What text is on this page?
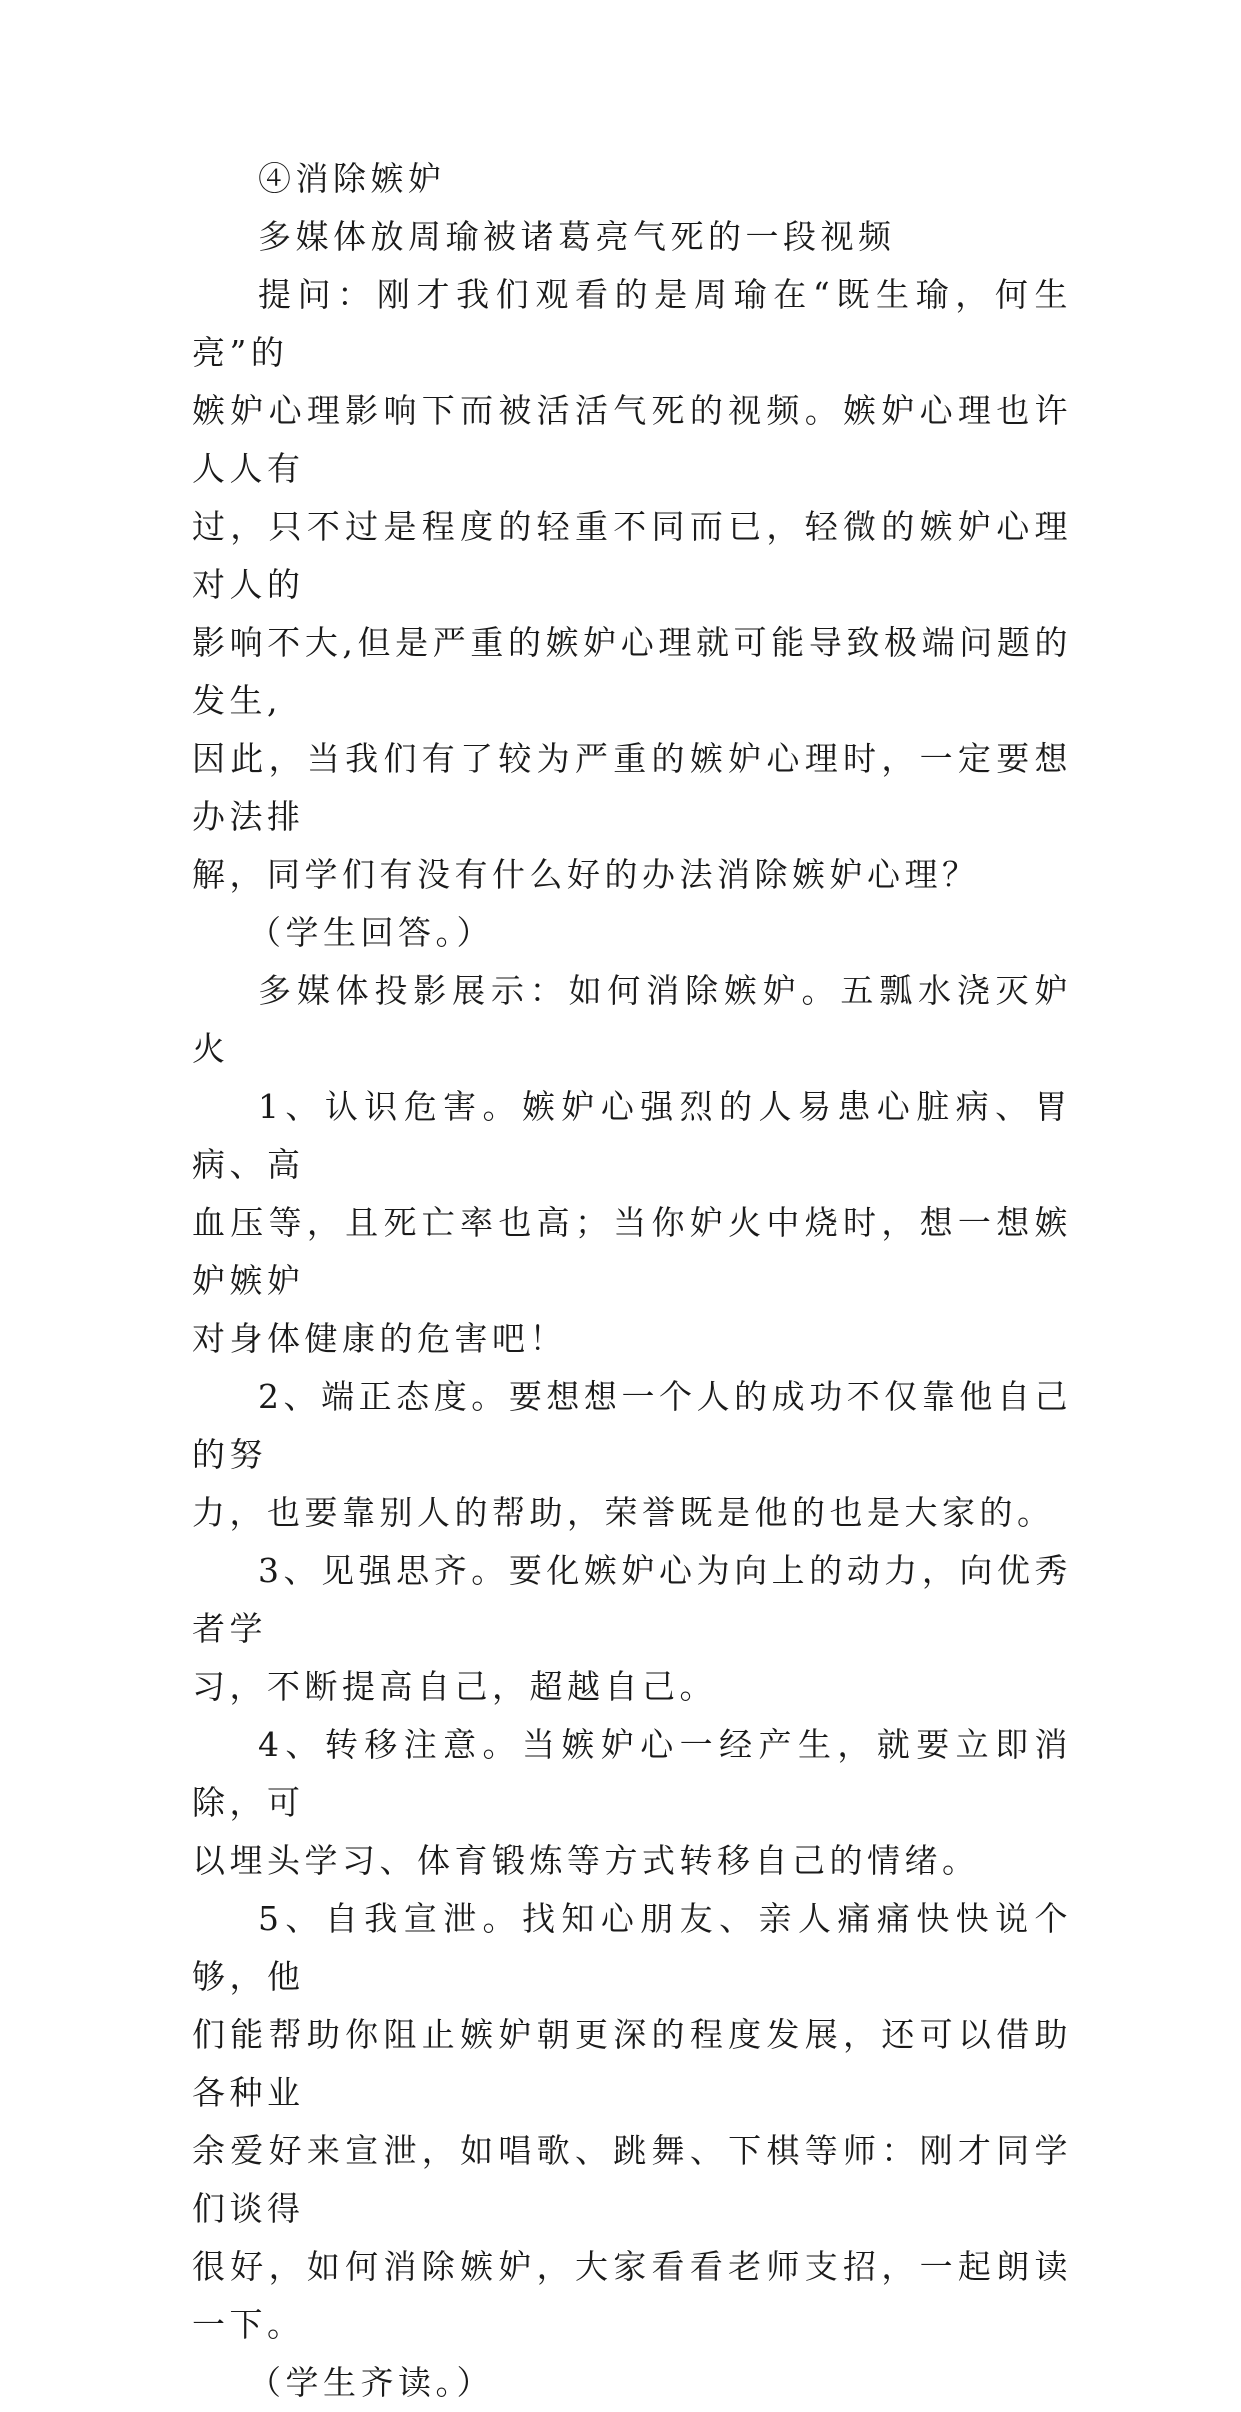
④消除嫉妒

多媒体放周瑜被诸葛亮气死的一段视频

提问：刚才我们观看的是周瑜在“既生瑜，何生亮”的
嫉妒心理影响下而被活活气死的视频。嫉妒心理也许人人有
过，只不过是程度的轻重不同而已，轻微的嫉妒心理对人的
影响不大,但是严重的嫉妒心理就可能导致极端问题的发生,
因此，当我们有了较为严重的嫉妒心理时，一定要想办法排
解，同学们有没有什么好的办法消除嫉妒心理？

（学生回答。）

多媒体投影展示：如何消除嫉妒。五瓢水浇灭妒火

1、认识危害。嫉妒心强烈的人易患心脏病、胃病、高
血压等，且死亡率也高；当你妒火中烧时，想一想嫉妒嫉妒
对身体健康的危害吧！

2、端正态度。要想想一个人的成功不仅靠他自己的努
力，也要靠别人的帮助，荣誉既是他的也是大家的。

3、见强思齐。要化嫉妒心为向上的动力，向优秀者学
习，不断提高自己，超越自己。

4、转移注意。当嫉妒心一经产生，就要立即消除，可
以埋头学习、体育锻炼等方式转移自己的情绪。

5、自我宣泄。找知心朋友、亲人痛痛快快说个够，他
们能帮助你阻止嫉妒朝更深的程度发展，还可以借助各种业
余爱好来宣泄，如唱歌、跳舞、下棋等师：刚才同学们谈得
很好，如何消除嫉妒，大家看看老师支招，一起朗读一下。

（学生齐读。）
